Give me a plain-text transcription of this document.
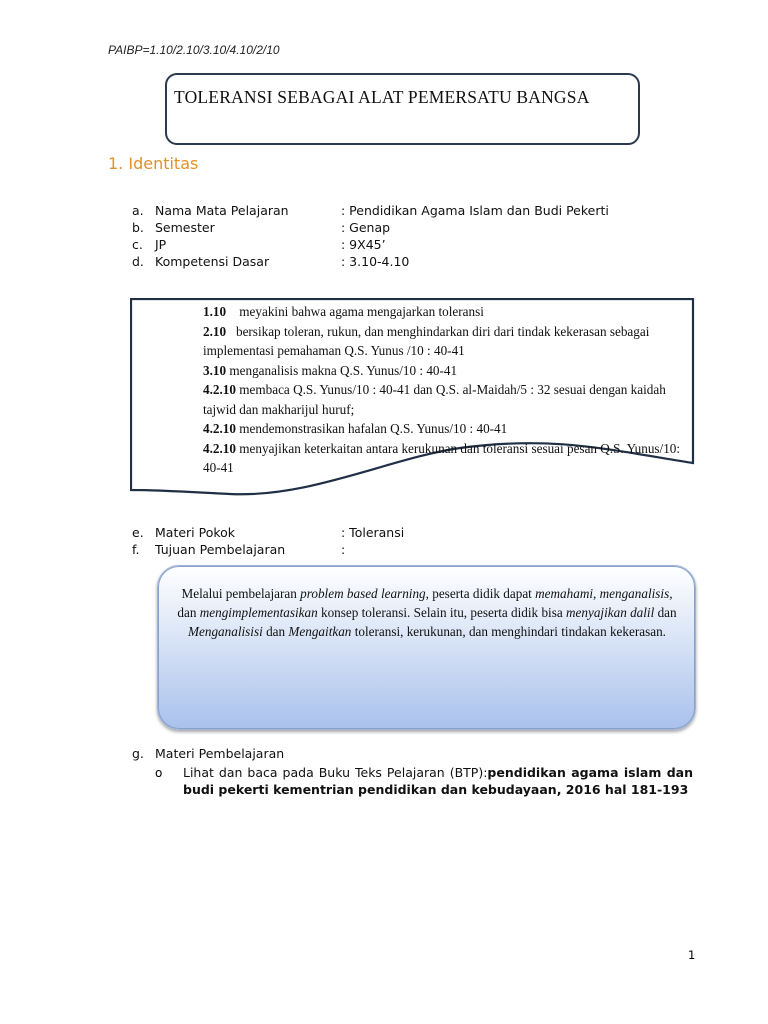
PAIBP=1.10/2.10/3.10/4.10/2/10
TOLERANSI SEBAGAI ALAT PEMERSATU BANGSA
1. Identitas
a. Nama Mata Pelajaran	: Pendidikan Agama Islam dan Budi Pekerti
b. Semester	: Genap
c. JP	: 9X45’
d. Kompetensi Dasar	: 3.10-4.10
1.10 meyakini bahwa agama mengajarkan toleransi
2.10 bersikap toleran, rukun, dan menghindarkan diri dari tindak kekerasan sebagai implementasi pemahaman Q.S. Yunus /10 : 40-41
3.10 menganalisis makna Q.S. Yunus/10 : 40-41
4.2.10 membaca Q.S. Yunus/10 : 40-41 dan Q.S. al-Maidah/5 : 32 sesuai dengan kaidah tajwid dan makharijul huruf;
4.2.10 mendemonstrasikan hafalan Q.S. Yunus/10 : 40-41
4.2.10 menyajikan keterkaitan antara kerukunan dan toleransi sesuai pesan Q.S. Yunus/10: 40-41
e. Materi Pokok	: Toleransi
f. Tujuan Pembelajaran	:
Melalui pembelajaran problem based learning, peserta didik dapat memahami, menganalisis, dan mengimplementasikan konsep toleransi. Selain itu, peserta didik bisa menyajikan dalil dan Menganalisisi dan Mengaitkan toleransi, kerukunan, dan menghindari tindakan kekerasan.
g. Materi Pembelajaran
o Lihat dan baca pada Buku Teks Pelajaran (BTP):pendidikan agama islam dan budi pekerti kementrian pendidikan dan kebudayaan, 2016 hal 181-193
1
